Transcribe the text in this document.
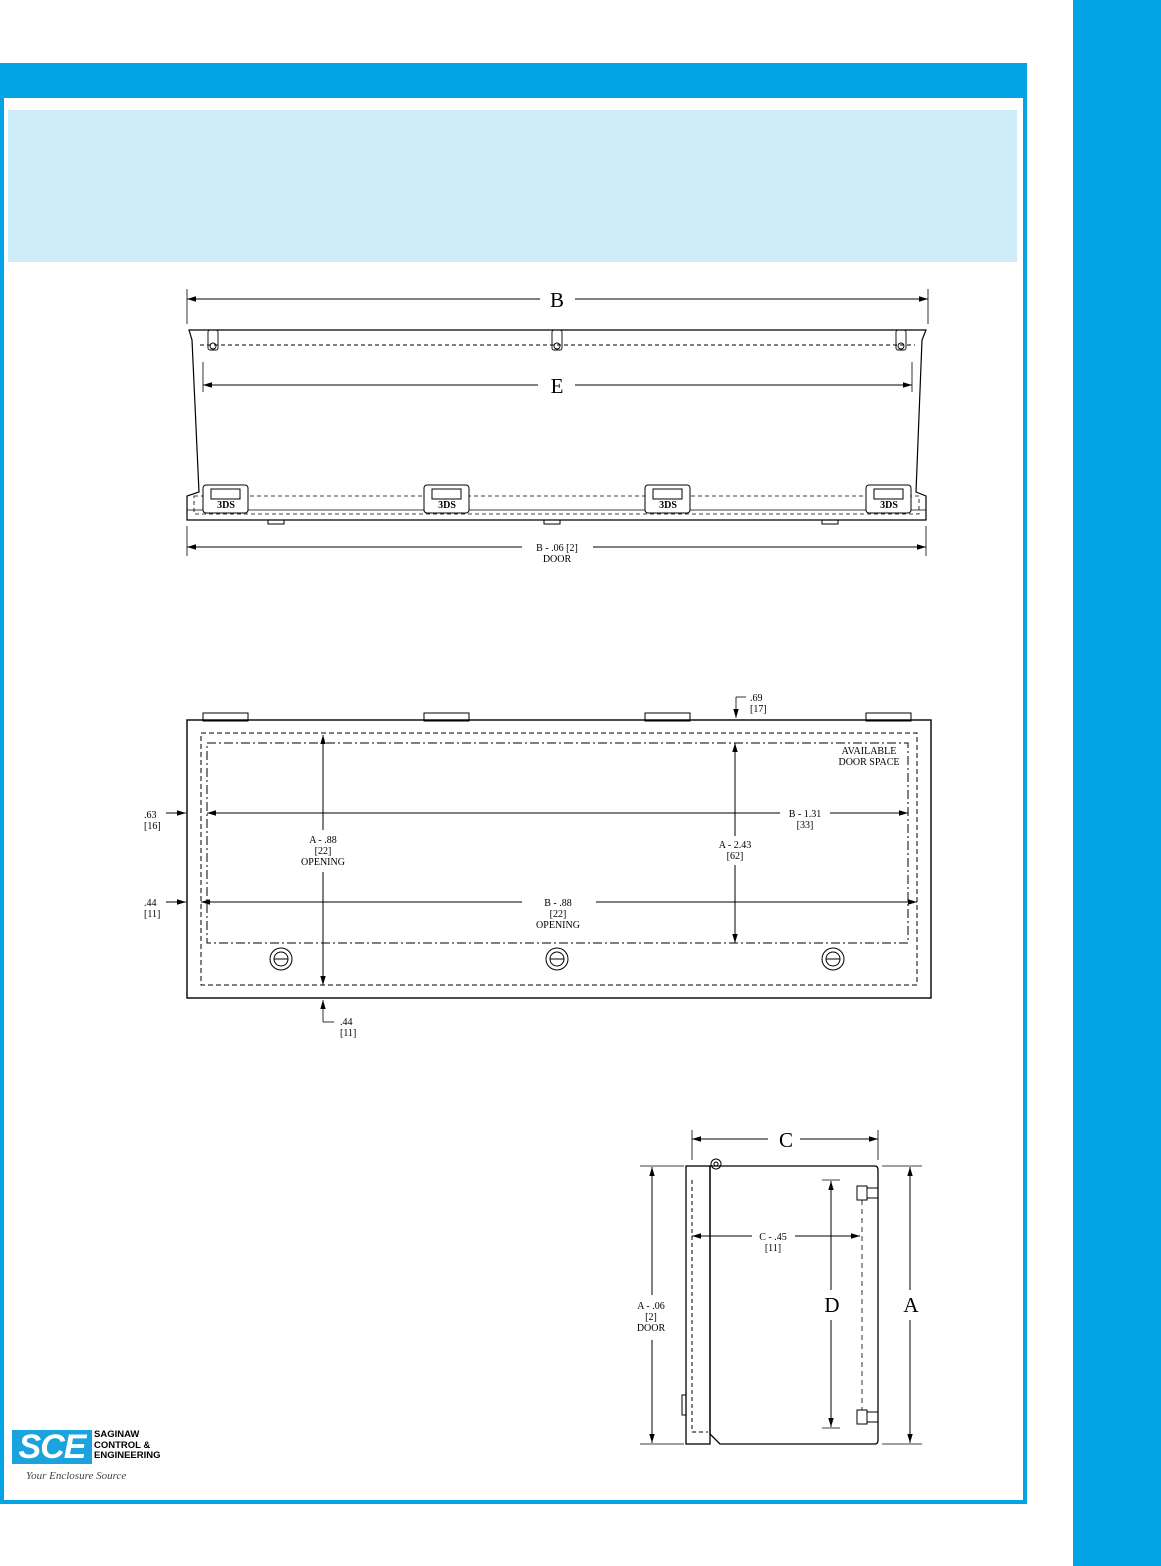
B
E
B - .06 [2]
DOOR
3DS	3DS	3DS	3DS
.69
[17]
.63
[16]
.44
[11]
.44
[11]
AVAILABLE
DOOR SPACE
A - .88
[22]
OPENING
A - 2.43
[62]
B - 1.31
[33]
B - .88
[22]
OPENING
C
C - .45
[11]
D	A
A - .06
[2]
DOOR
SCE SAGINAW
CONTROL &
ENGINEERING
Your Enclosure Source
